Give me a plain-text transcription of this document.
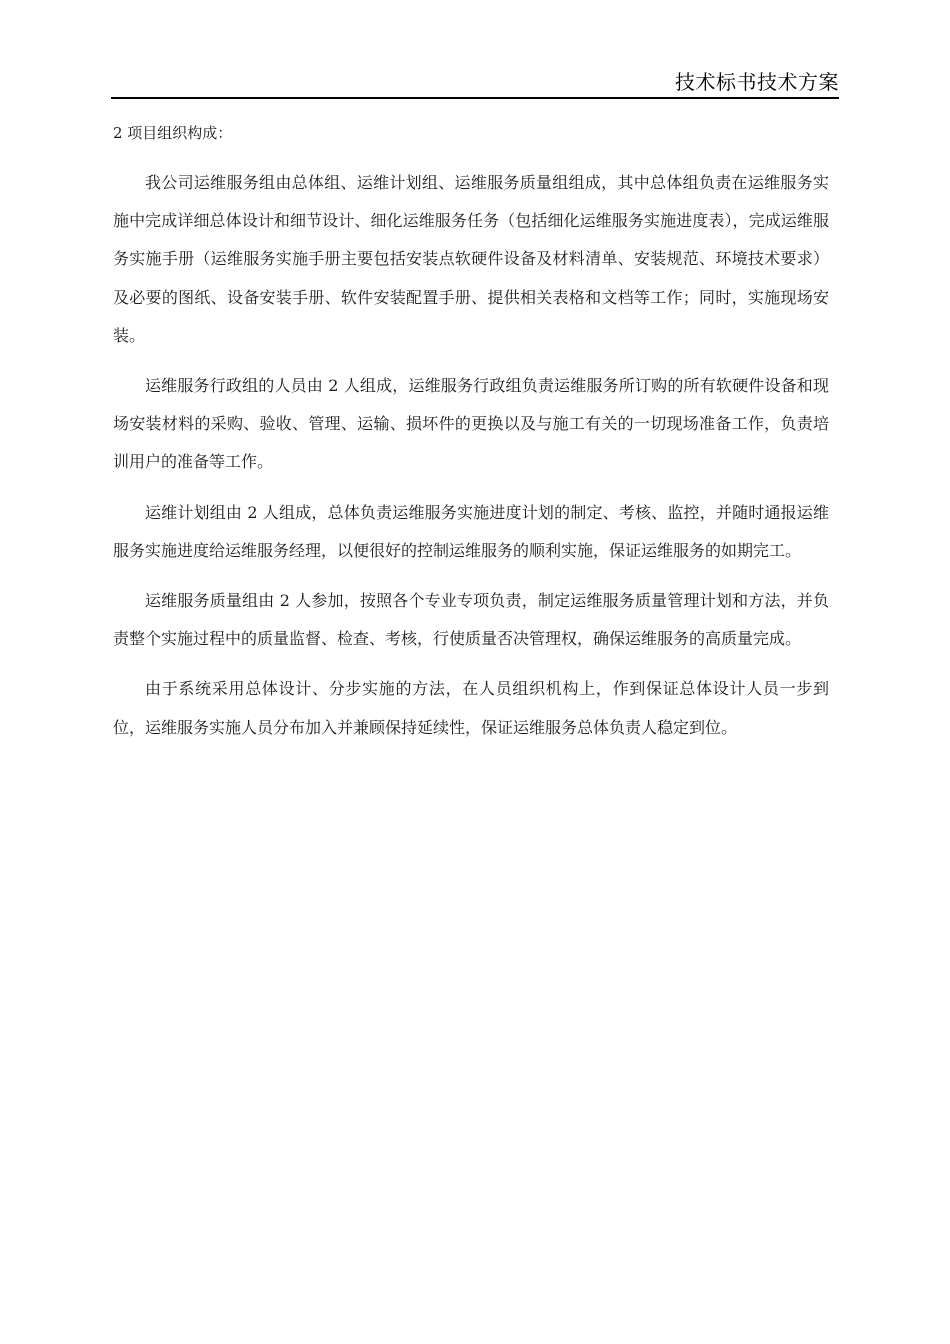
技术标书技术方案
2 项目组织构成：

我公司运维服务组由总体组、运维计划组、运维服务质量组组成，其中总体组负责在运维服务实施中完成详细总体设计和细节设计、细化运维服务任务（包括细化运维服务实施进度表），完成运维服务实施手册（运维服务实施手册主要包括安装点软硬件设备及材料清单、安装规范、环境技术要求）及必要的图纸、设备安装手册、软件安装配置手册、提供相关表格和文档等工作；同时，实施现场安装。

运维服务行政组的人员由 2 人组成，运维服务行政组负责运维服务所订购的所有软硬件设备和现场安装材料的采购、验收、管理、运输、损坏件的更换以及与施工有关的一切现场准备工作，负责培训用户的准备等工作。

运维计划组由 2 人组成，总体负责运维服务实施进度计划的制定、考核、监控，并随时通报运维服务实施进度给运维服务经理，以便很好的控制运维服务的顺利实施，保证运维服务的如期完工。

运维服务质量组由 2 人参加，按照各个专业专项负责，制定运维服务质量管理计划和方法，并负责整个实施过程中的质量监督、检查、考核，行使质量否决管理权，确保运维服务的高质量完成。

由于系统采用总体设计、分步实施的方法，在人员组织机构上，作到保证总体设计人员一步到位，运维服务实施人员分布加入并兼顾保持延续性，保证运维服务总体负责人稳定到位。
